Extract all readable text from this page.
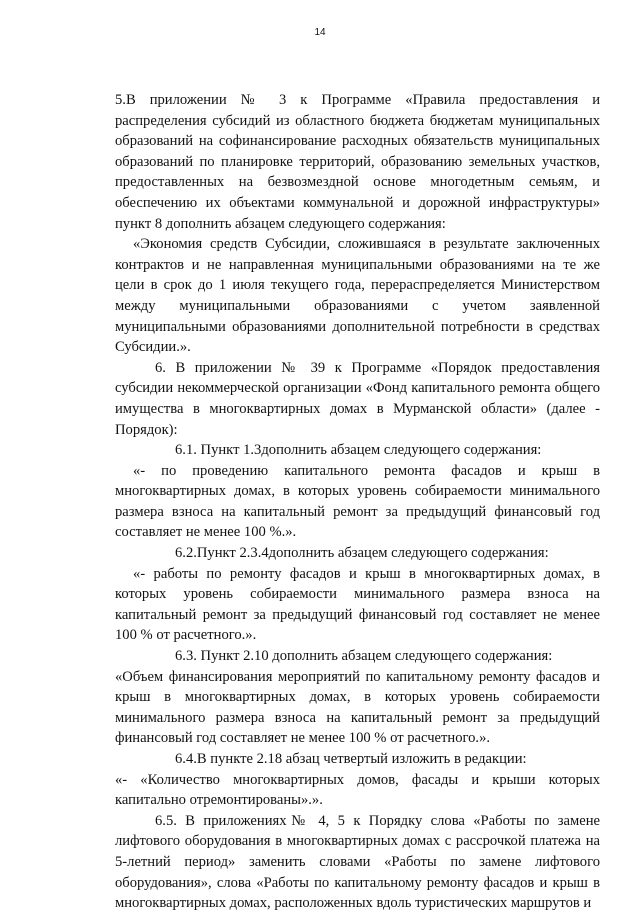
14

5.В приложении № 3 к Программе «Правила предоставления и распределения субсидий из областного бюджета бюджетам муниципальных образований на софинансирование расходных обязательств муниципальных образований по планировке территорий, образованию земельных участков, предоставленных на безвозмездной основе многодетным семьям, и обеспечению их объектами коммунальной и дорожной инфраструктуры» пункт 8 дополнить абзацем следующего содержания:

«Экономия средств Субсидии, сложившаяся в результате заключенных контрактов и не направленная муниципальными образованиями на те же цели в срок до 1 июля текущего года, перераспределяется Министерством между муниципальными образованиями с учетом заявленной муниципальными образованиями дополнительной потребности в средствах Субсидии.».

6. В приложении № 39 к Программе «Порядок предоставления субсидии некоммерческой организации «Фонд капитального ремонта общего имущества в многоквартирных домах в Мурманской области» (далее - Порядок):

6.1. Пункт 1.3дополнить абзацем следующего содержания:

«- по проведению капитального ремонта фасадов и крыш в многоквартирных домах, в которых уровень собираемости минимального размера взноса на капитальный ремонт за предыдущий финансовый год составляет не менее 100 %.».

6.2.Пункт 2.3.4дополнить абзацем следующего содержания:

«- работы по ремонту фасадов и крыш в многоквартирных домах, в которых уровень собираемости минимального размера взноса на капитальный ремонт за предыдущий финансовый год составляет не менее 100 % от расчетного.».

6.3. Пункт 2.10 дополнить абзацем следующего содержания:

«Объем финансирования мероприятий по капитальному ремонту фасадов и крыш в многоквартирных домах, в которых уровень собираемости минимального размера взноса на капитальный ремонт за предыдущий финансовый год составляет не менее 100 % от расчетного.».

6.4.В пункте 2.18 абзац четвертый изложить в редакции:

«- «Количество многоквартирных домов, фасады и крыши которых капитально отремонтированы».».

6.5. В приложениях№ 4, 5 к Порядку слова «Работы по замене лифтового оборудования в многоквартирных домах с рассрочкой платежа на 5-летний период» заменить словами «Работы по замене лифтового оборудования», слова «Работы по капитальному ремонту фасадов и крыш в многоквартирных домах, расположенных вдоль туристических маршрутов и
